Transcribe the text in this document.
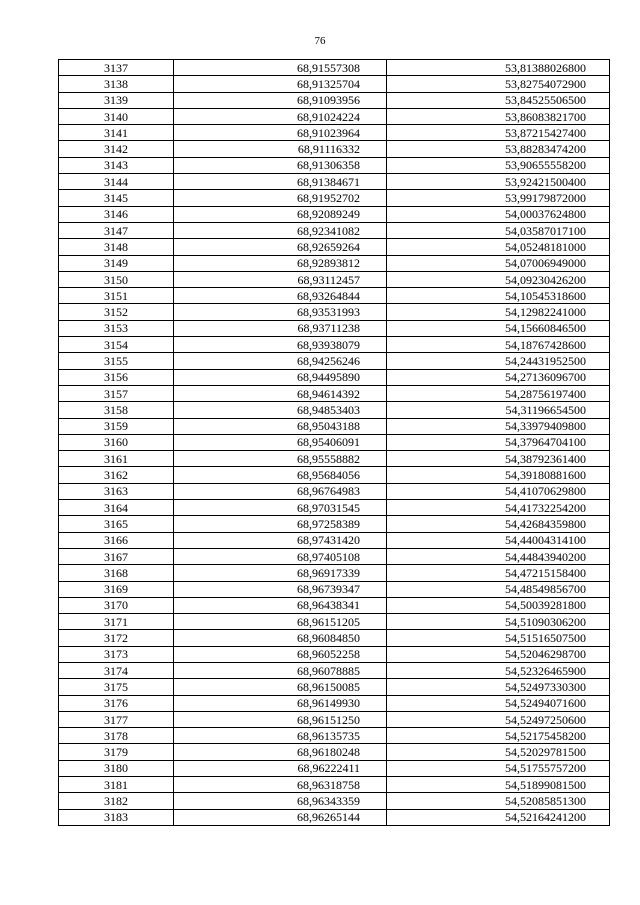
76
3137	68,91557308	53,81388026800
3138	68,91325704	53,82754072900
3139	68,91093956	53,84525506500
3140	68,91024224	53,86083821700
3141	68,91023964	53,87215427400
3142	68,91116332	53,88283474200
3143	68,91306358	53,90655558200
3144	68,91384671	53,92421500400
3145	68,91952702	53,99179872000
3146	68,92089249	54,00037624800
3147	68,92341082	54,03587017100
3148	68,92659264	54,05248181000
3149	68,92893812	54,07006949000
3150	68,93112457	54,09230426200
3151	68,93264844	54,10545318600
3152	68,93531993	54,12982241000
3153	68,93711238	54,15660846500
3154	68,93938079	54,18767428600
3155	68,94256246	54,24431952500
3156	68,94495890	54,27136096700
3157	68,94614392	54,28756197400
3158	68,94853403	54,31196654500
3159	68,95043188	54,33979409800
3160	68,95406091	54,37964704100
3161	68,95558882	54,38792361400
3162	68,95684056	54,39180881600
3163	68,96764983	54,41070629800
3164	68,97031545	54,41732254200
3165	68,97258389	54,42684359800
3166	68,97431420	54,44004314100
3167	68,97405108	54,44843940200
3168	68,96917339	54,47215158400
3169	68,96739347	54,48549856700
3170	68,96438341	54,50039281800
3171	68,96151205	54,51090306200
3172	68,96084850	54,51516507500
3173	68,96052258	54,52046298700
3174	68,96078885	54,52326465900
3175	68,96150085	54,52497330300
3176	68,96149930	54,52494071600
3177	68,96151250	54,52497250600
3178	68,96135735	54,52175458200
3179	68,96180248	54,52029781500
3180	68,96222411	54,51755757200
3181	68,96318758	54,51899081500
3182	68,96343359	54,52085851300
3183	68,96265144	54,52164241200
